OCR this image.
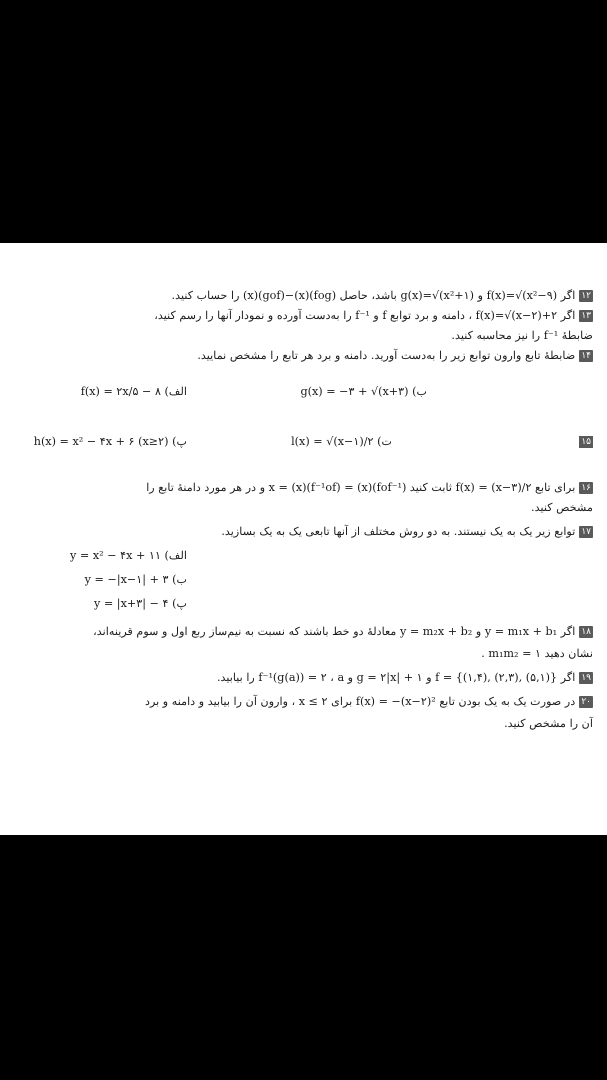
۱۲اگر f(x)=√(x²−۹) و g(x)=√(x²+۱) باشد، حاصل (fog)(x)−(gof)(x) را حساب کنید.
۱۳اگر f(x)=√(x−۲)+۲ ، دامنه و برد توابع f و f⁻¹ را به‌دست آورده و نمودار آنها را رسم کنید،
ضابطهٔ f⁻¹ را نیز محاسبه کنید.
۱۴ضابطهٔ تابع وارون توابع زیر را به‌دست آورید. دامنه و برد هر تابع را مشخص نمایید.
الف) f(x) = ۲x/۵ − ۸	ب) g(x) = −۳ + √(x+۳)
پ) h(x) = x² − ۴x + ۶ (x≥۲)	ت) l(x) = √(x−۱)/۲	۱۵
۱۶برای تابع f(x) = (x−۳)/۲ ثابت کنید (fof⁻¹)(x) = (f⁻¹of)(x) = x و در هر مورد دامنهٔ تابع را
مشخص کنید.
۱۷توابع زیر یک به یک نیستند. به دو روش مختلف از آنها تابعی یک به یک بسازید.
الف) y = x² − ۴x + ۱۱
ب) y = −|x−۱| + ۳
پ) y = |x+۳| − ۴
۱۸اگر y = m₁x + b₁ و y = m₂x + b₂ معادلهٔ دو خط باشند که نسبت به نیم‌ساز ربع اول و سوم قرینه‌اند،
نشان دهید m₁m₂ = ۱ .
۱۹اگر f = {(۱,۴), (۲,۳), (۵,۱)} و g = ۲|x| + ۱ و f⁻¹(g(a)) = ۲ ، a را بیابید.
۲۰در صورت یک به یک بودن تابع f(x) = −(x−۲)² برای x ≤ ۲ ، وارون آن را بیابید و دامنه و برد
آن را مشخص کنید.
